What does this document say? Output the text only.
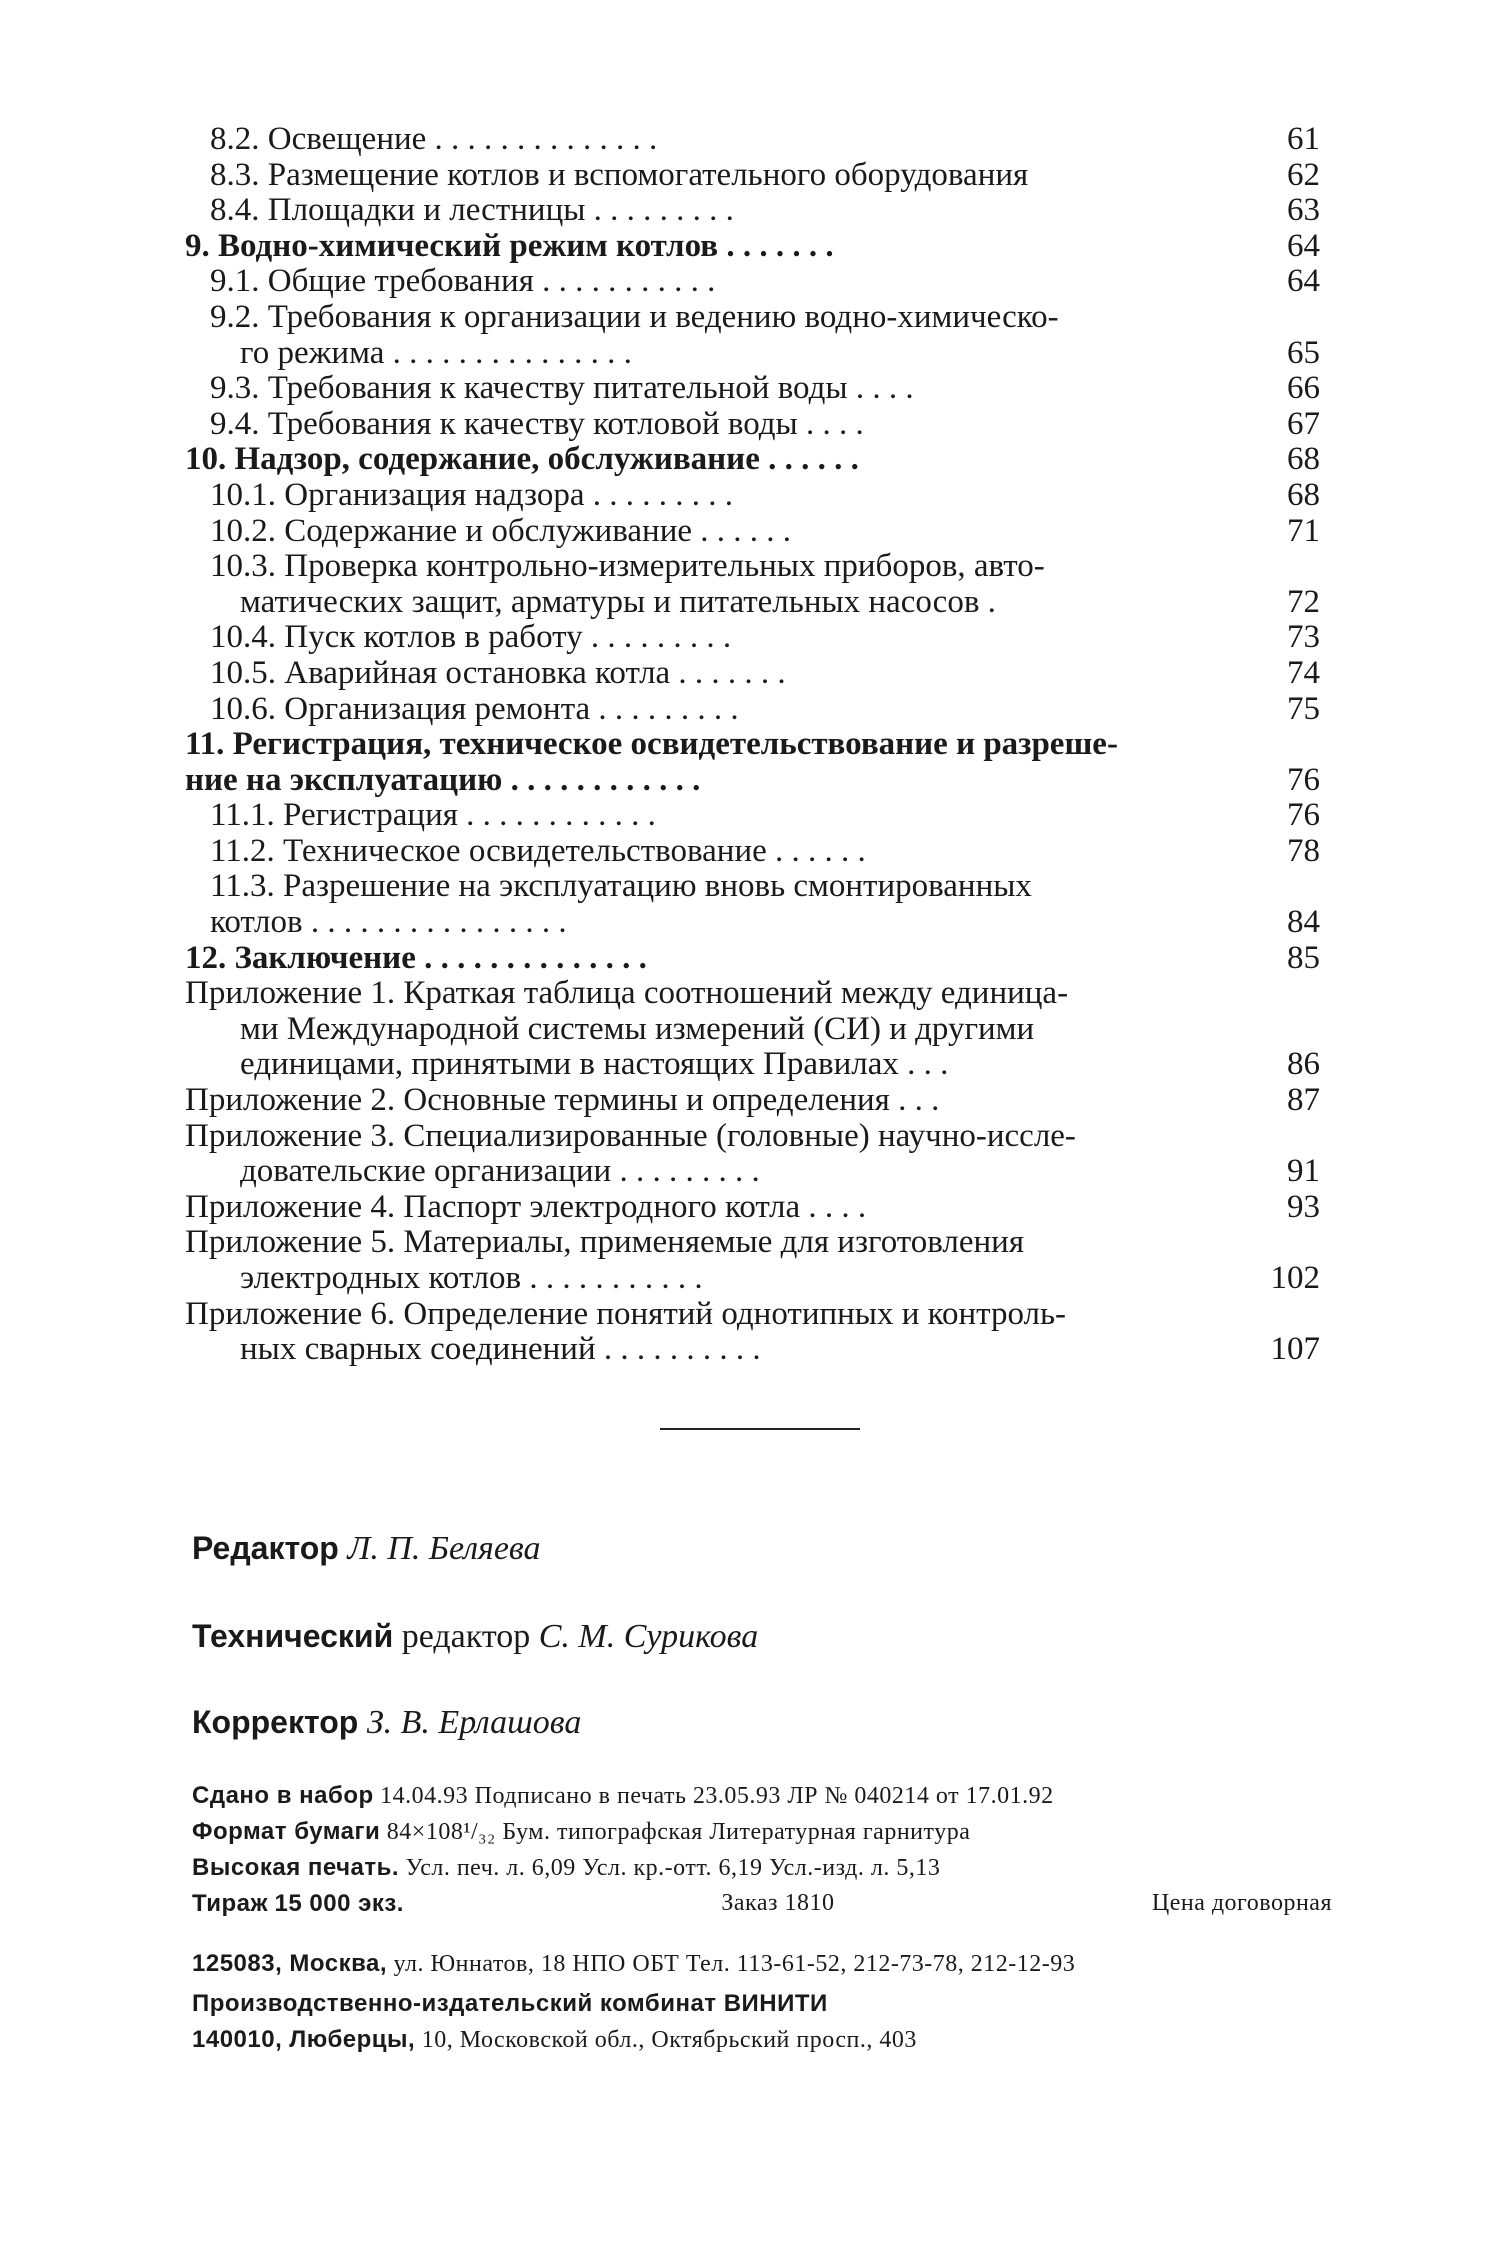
8.2. Освещение . . . . . . . . . . . . . .	61
8.3. Размещение котлов и вспомогательного оборудования	62
8.4. Площадки и лестницы . . . . . . . . .	63
9. Водно-химический режим котлов . . . . . . .	64
9.1. Общие требования . . . . . . . . . . .	64
9.2. Требования к организации и ведению водно-химическо-
го режима . . . . . . . . . . . . . . .	65
9.3. Требования к качеству питательной воды . . . .	66
9.4. Требования к качеству котловой воды . . . .	67
10. Надзор, содержание, обслуживание . . . . . .	68
10.1. Организация надзора . . . . . . . . .	68
10.2. Содержание и обслуживание . . . . . .	71
10.3. Проверка контрольно-измерительных приборов, авто-
матических защит, арматуры и питательных насосов .	72
10.4. Пуск котлов в работу . . . . . . . . .	73
10.5. Аварийная остановка котла . . . . . . .	74
10.6. Организация ремонта . . . . . . . . .	75
11. Регистрация, техническое освидетельствование и разреше-
ние на эксплуатацию . . . . . . . . . . . .	76
11.1. Регистрация . . . . . . . . . . . .	76
11.2. Техническое освидетельствование . . . . . .	78
11.3. Разрешение на эксплуатацию вновь смонтированных
котлов . . . . . . . . . . . . . . . .	84
12. Заключение . . . . . . . . . . . . . .	85
Приложение 1. Краткая таблица соотношений между единица-
ми Международной системы измерений (СИ) и другими
единицами, принятыми в настоящих Правилах . . .	86
Приложение 2. Основные термины и определения . . .	87
Приложение 3. Специализированные (головные) научно-иссле-
довательские организации . . . . . . . . .	91
Приложение 4. Паспорт электродного котла . . . .	93
Приложение 5. Материалы, применяемые для изготовления
электродных котлов . . . . . . . . . . .	102
Приложение 6. Определение понятий однотипных и контроль-
ных сварных соединений . . . . . . . . . .	107
Редактор Л. П. Беляева
Технический редактор С. М. Сурикова
Корректор З. В. Ерлашова
Сдано в набор 14.04.93 Подписано в печать 23.05.93 ЛР № 040214 от 17.01.92
Формат бумаги 84×108¹/₃₂ Бум. типографская Литературная гарнитура
Высокая печать. Усл. печ. л. 6,09 Усл. кр.-отт. 6,19 Усл.-изд. л. 5,13
Тираж 15 000 экз.	Заказ 1810	Цена договорная
125083, Москва, ул. Юннатов, 18 НПО ОБТ Тел. 113-61-52, 212-73-78, 212-12-93
Производственно-издательский комбинат ВИНИТИ
140010, Люберцы, 10, Московской обл., Октябрьский просп., 403
